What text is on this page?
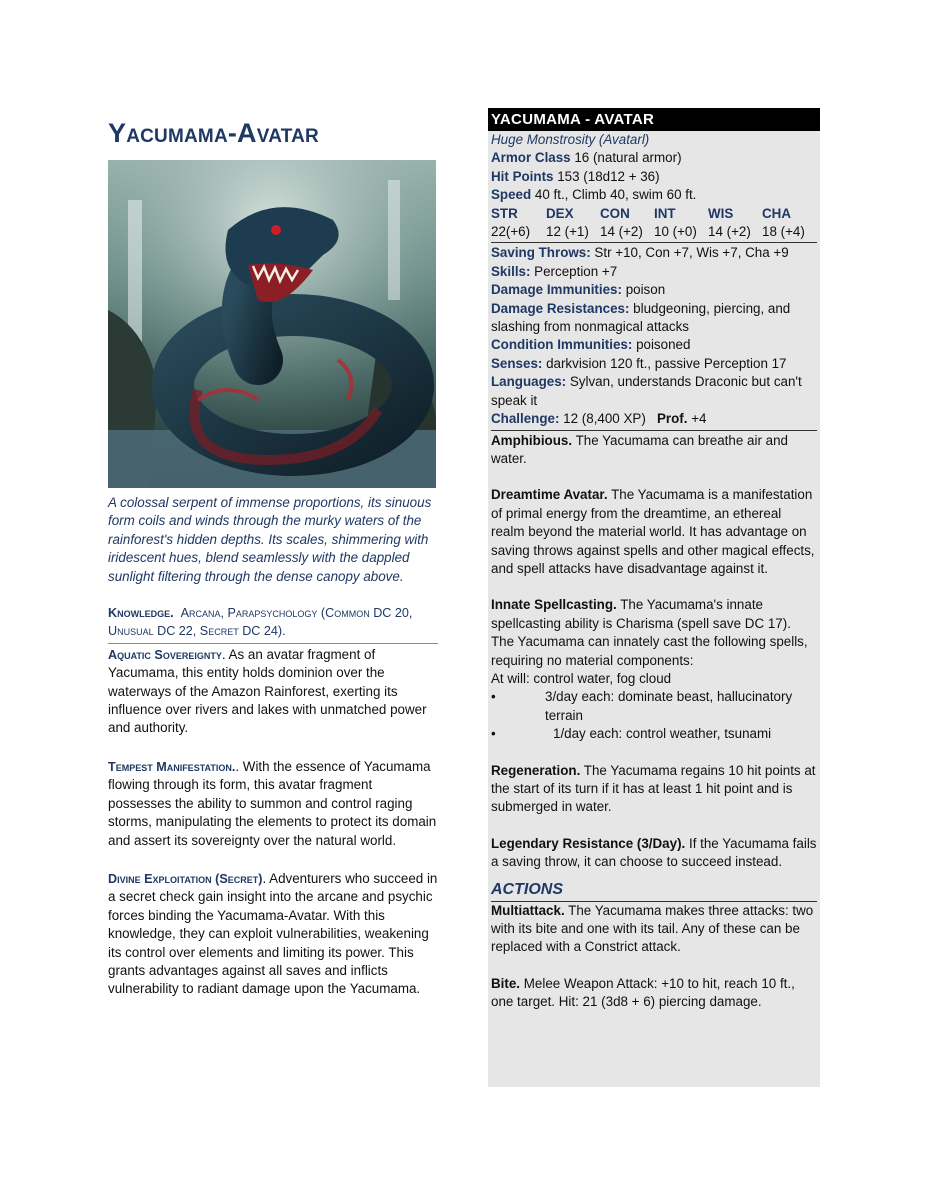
Yacumama-Avatar
A colossal serpent of immense proportions, its sinuous form coils and winds through the murky waters of the rainforest's hidden depths. Its scales, shimmering with iridescent hues, blend seamlessly with the dappled sunlight filtering through the dense canopy above.
Knowledge. Arcana, Parapsychology (Common DC 20, Unusual DC 22, Secret DC 24).
Aquatic Sovereignty. As an avatar fragment of Yacumama, this entity holds dominion over the waterways of the Amazon Rainforest, exerting its influence over rivers and lakes with unmatched power and authority.
Tempest Manifestation.. With the essence of Yacumama flowing through its form, this avatar fragment possesses the ability to summon and control raging storms, manipulating the elements to protect its domain and assert its sovereignty over the natural world.
Divine Exploitation (Secret). Adventurers who succeed in a secret check gain insight into the arcane and psychic forces binding the Yacumama-Avatar. With this knowledge, they can exploit vulnerabilities, weakening its control over elements and limiting its power. This grants advantages against all saves and inflicts vulnerability to radiant damage upon the Yacumama.
YACUMAMA - AVATAR
Huge Monstrosity (Avatarl)
Armor Class 16 (natural armor)
Hit Points 153 (18d12 + 36)
Speed 40 ft., Climb 40, swim 60 ft.
STR	DEX	CON	INT	WIS	CHA
22(+6)	12 (+1) 14 (+2) 10 (+0) 14 (+2) 18 (+4)
Saving Throws: Str +10, Con +7, Wis +7, Cha +9
Skills: Perception +7
Damage Immunities: poison
Damage Resistances: bludgeoning, piercing, and slashing from nonmagical attacks
Condition Immunities: poisoned
Senses: darkvision 120 ft., passive Perception 17
Languages: Sylvan, understands Draconic but can't speak it
Challenge: 12 (8,400 XP) Prof. +4
Amphibious. The Yacumama can breathe air and water.
Dreamtime Avatar. The Yacumama is a manifestation of primal energy from the dreamtime, an ethereal realm beyond the material world. It has advantage on saving throws against spells and other magical effects, and spell attacks have disadvantage against it.
Innate Spellcasting. The Yacumama's innate spellcasting ability is Charisma (spell save DC 17). The Yacumama can innately cast the following spells, requiring no material components:
At will: control water, fog cloud
•	3/day each: dominate beast, hallucinatory terrain
•	1/day each: control weather, tsunami
Regeneration. The Yacumama regains 10 hit points at the start of its turn if it has at least 1 hit point and is submerged in water.
Legendary Resistance (3/Day). If the Yacumama fails a saving throw, it can choose to succeed instead.
ACTIONS
Multiattack. The Yacumama makes three attacks: two with its bite and one with its tail. Any of these can be replaced with a Constrict attack.
Bite. Melee Weapon Attack: +10 to hit, reach 10 ft., one target. Hit: 21 (3d8 + 6) piercing damage.
